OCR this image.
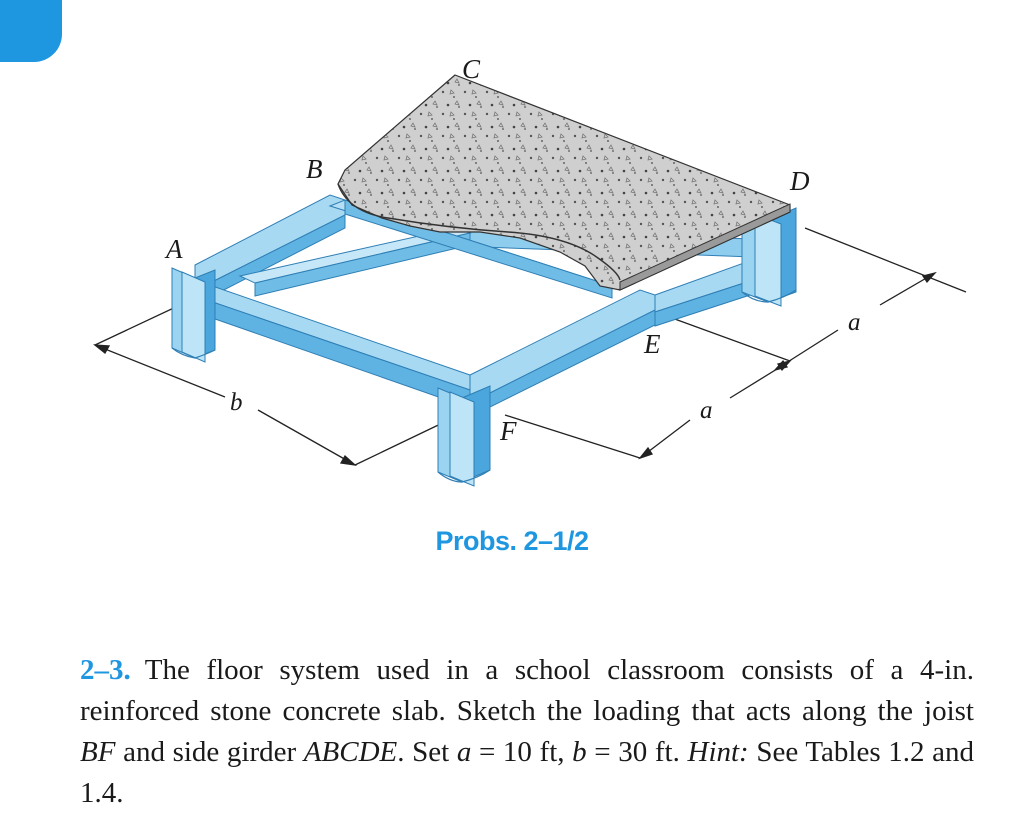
C
B
A
D
E
F
b	a
a
Probs. 2–1/2
2–3. The floor system used in a school classroom consists of a 4-in. reinforced stone concrete slab. Sketch the loading that acts along the joist BF and side girder ABCDE. Set a = 10 ft, b = 30 ft. Hint: See Tables 1.2 and 1.4.
